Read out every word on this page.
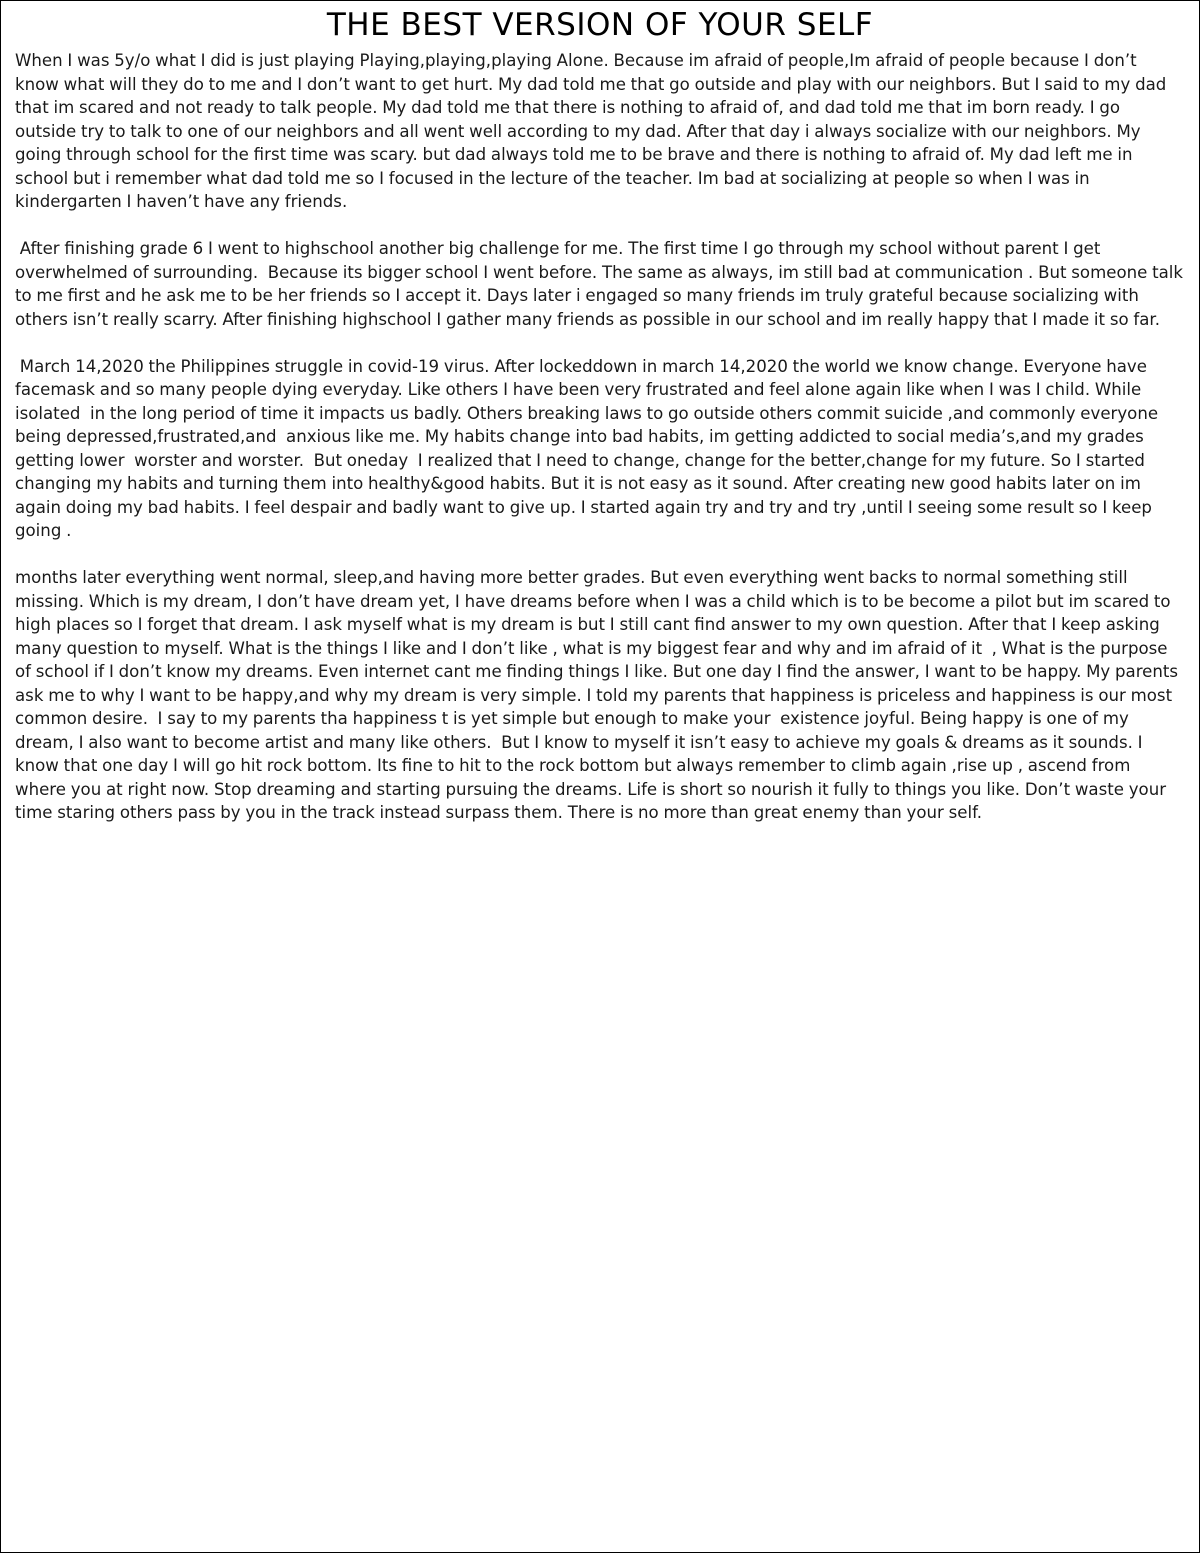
THE BEST VERSION OF YOUR SELF

When I was 5y/o what I did is just playing Playing,playing,playing Alone. Because im afraid of people,Im afraid of people because I don’t know what will they do to me and I don’t want to get hurt. My dad told me that go outside and play with our neighbors. But I said to my dad that im scared and not ready to talk people. My dad told me that there is nothing to afraid of, and dad told me that im born ready. I go outside try to talk to one of our neighbors and all went well according to my dad. After that day i always socialize with our neighbors. My going through school for the first time was scary. but dad always told me to be brave and there is nothing to afraid of. My dad left me in school but i remember what dad told me so I focused in the lecture of the teacher. Im bad at socializing at people so when I was in kindergarten I haven’t have any friends.

After finishing grade 6 I went to highschool another big challenge for me. The first time I go through my school without parent I get overwhelmed of surrounding.  Because its bigger school I went before. The same as always, im still bad at communication . But someone talk to me first and he ask me to be her friends so I accept it. Days later i engaged so many friends im truly grateful because socializing with others isn’t really scarry. After finishing highschool I gather many friends as possible in our school and im really happy that I made it so far.

March 14,2020 the Philippines struggle in covid-19 virus. After lockeddown in march 14,2020 the world we know change. Everyone have facemask and so many people dying everyday. Like others I have been very frustrated and feel alone again like when I was I child. While  isolated  in the long period of time it impacts us badly. Others breaking laws to go outside others commit suicide ,and commonly everyone being depressed,frustrated,and  anxious like me. My habits change into bad habits, im getting addicted to social media’s,and my grades getting lower  worster and worster.  But oneday  I realized that I need to change, change for the better,change for my future. So I started changing my habits and turning them into healthy&good habits. But it is not easy as it sound. After creating new good habits later on im again doing my bad habits. I feel despair and badly want to give up. I started again try and try and try ,until I seeing some result so I keep going .

months later everything went normal, sleep,and having more better grades. But even everything went backs to normal something still missing. Which is my dream, I don’t have dream yet, I have dreams before when I was a child which is to be become a pilot but im scared to high places so I forget that dream. I ask myself what is my dream is but I still cant find answer to my own question. After that I keep asking many question to myself. What is the things I like and I don’t like , what is my biggest fear and why and im afraid of it  , What is the purpose of school if I don’t know my dreams. Even internet cant me finding things I like. But one day I find the answer, I want to be happy. My parents ask me to why I want to be happy,and why my dream is very simple. I told my parents that happiness is priceless and happiness is our most common desire.  I say to my parents tha happiness t is yet simple but enough to make your  existence joyful. Being happy is one of my dream, I also want to become artist and many like others.  But I know to myself it isn’t easy to achieve my goals & dreams as it sounds. I know that one day I will go hit rock bottom. Its fine to hit to the rock bottom but always remember to climb again ,rise up , ascend from where you at right now. Stop dreaming and starting pursuing the dreams. Life is short so nourish it fully to things you like. Don’t waste your time staring others pass by you in the track instead surpass them. There is no more than great enemy than your self.
